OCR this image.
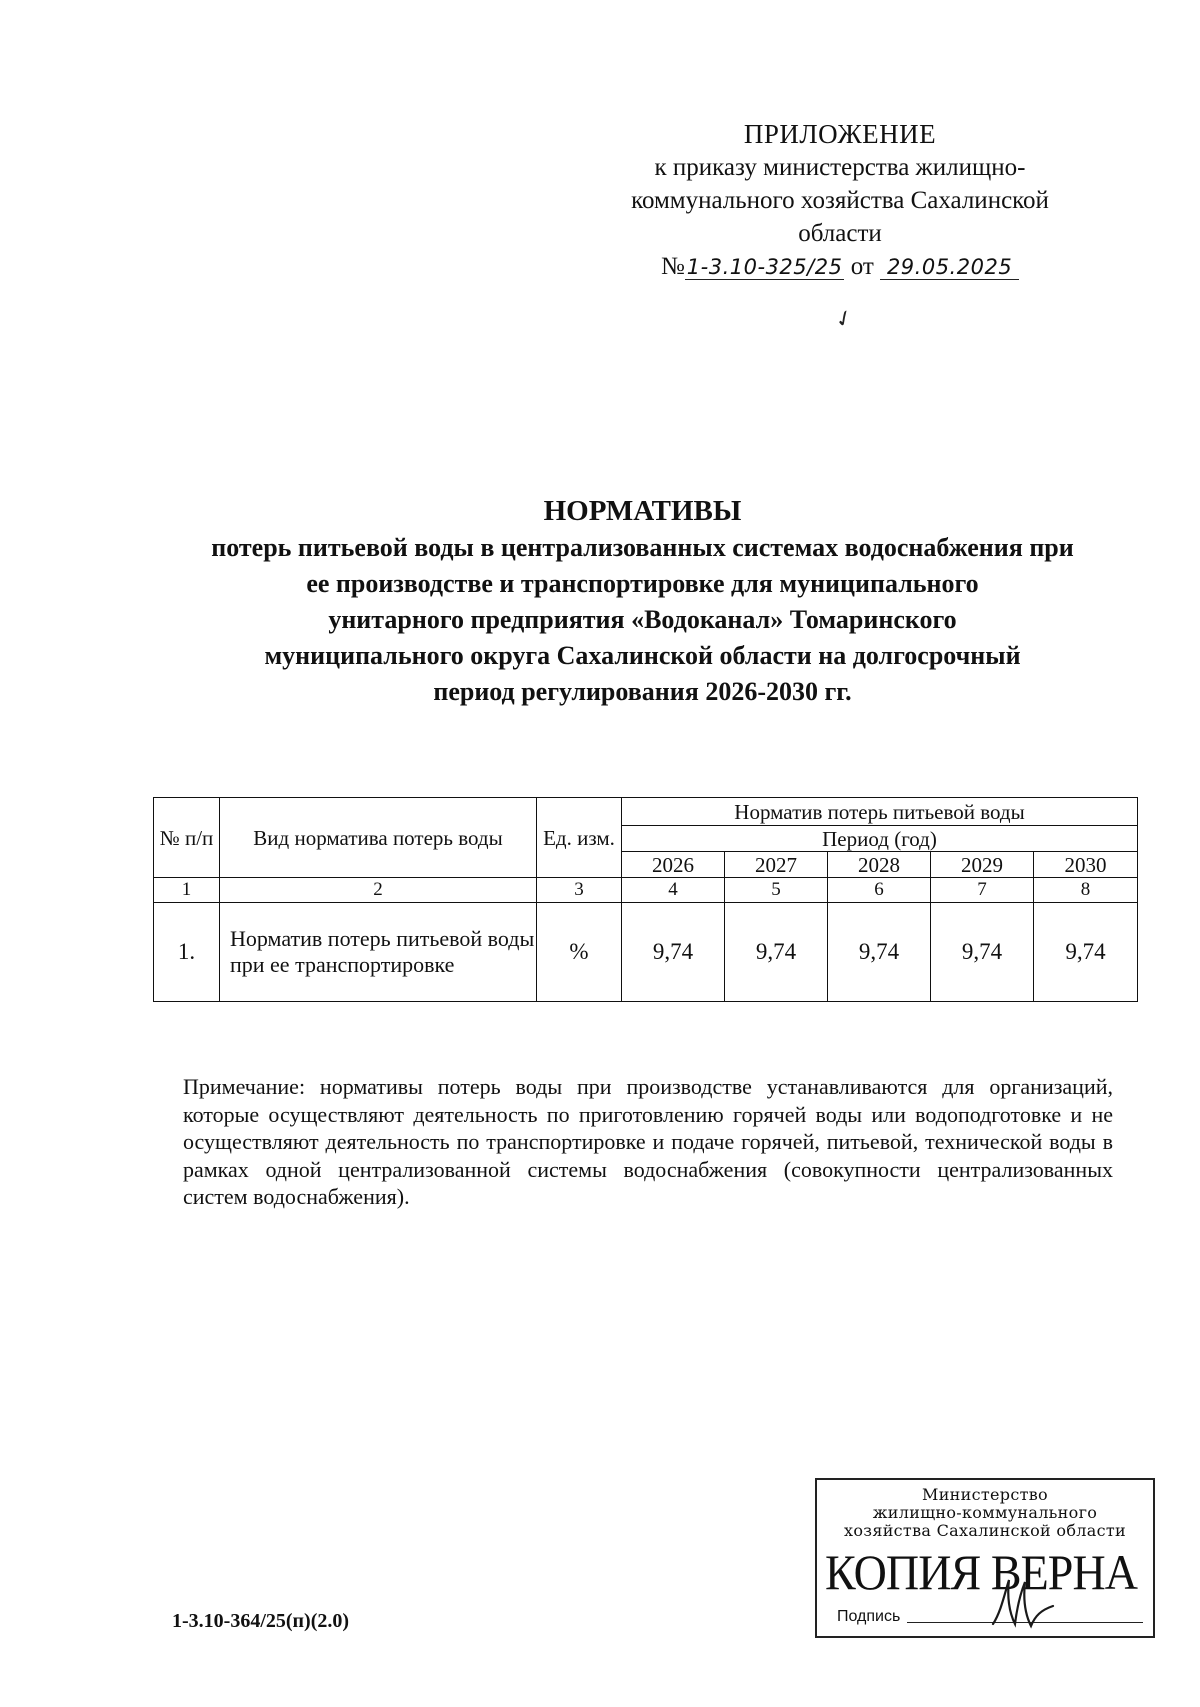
ПРИЛОЖЕНИЕ
к приказу министерства жилищно-
коммунального хозяйства Сахалинской
области
№1-3.10-325/25 от 29.05.2025
✓
НОРМАТИВЫ
потерь питьевой воды в централизованных системах водоснабжения при
ее производстве и транспортировке для муниципального
унитарного предприятия «Водоканал» Томаринского
муниципального округа Сахалинской области на долгосрочный
период регулирования 2026-2030 гг.
№ п/п	Вид норматива потерь воды	Ед. изм.	Норматив потерь питьевой воды				
			Период (год)				
			2026	2027	2028	2029	2030
1	2	3	4	5	6	7	8
1.	Норматив потерь питьевой воды при ее транспортировке	%	9,74	9,74	9,74	9,74	9,74
Примечание: нормативы потерь воды при производстве устанавливаются для организаций, которые осуществляют деятельность по приготовлению горячей воды или водоподготовке и не осуществляют деятельность по транспортировке и подаче горячей, питьевой, технической воды в рамках одной централизованной системы водоснабжения (совокупности централизованных систем водоснабжения).
1-3.10-364/25(п)(2.0)
Министерство
жилищно-коммунального
хозяйства Сахалинской области
КОПИЯ ВЕРНА
Подпись
